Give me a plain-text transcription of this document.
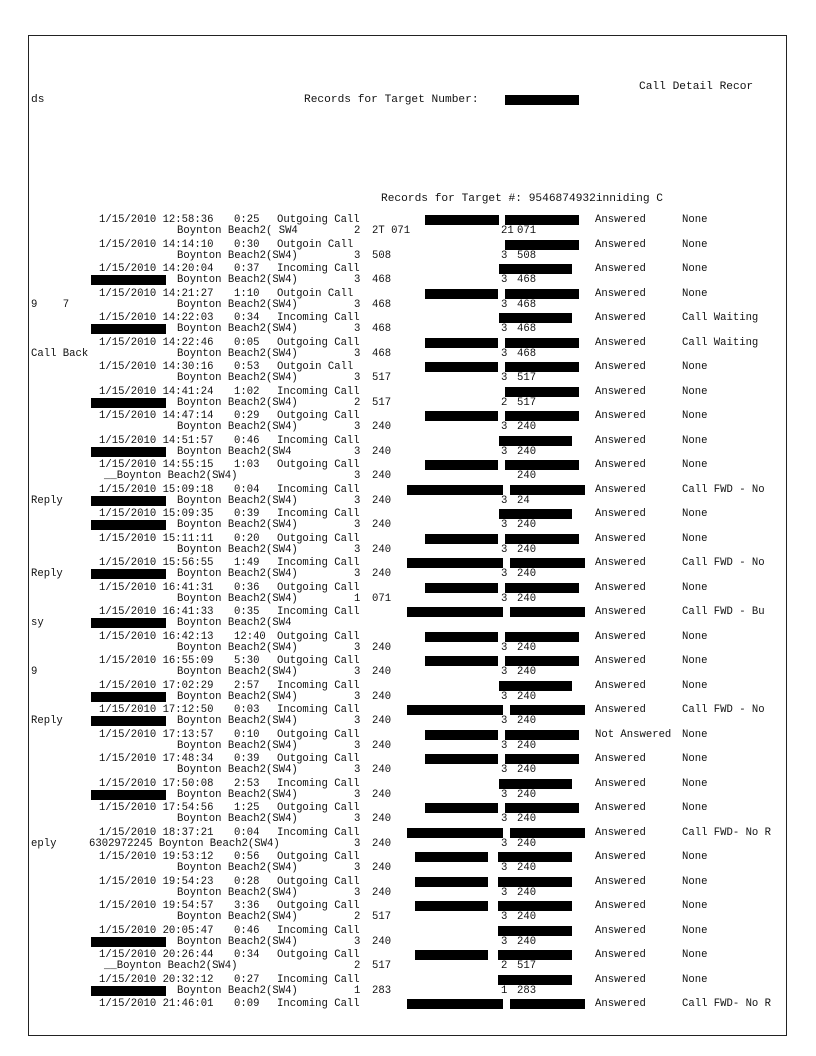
Call Detail Recor
ds	Records for Target Number:
Records for Target #: 9546874932inniding C
1/15/2010 12:58:36 0:25 Outgoing Call	Answered	None
Boynton Beach2( SW4	2 2T 071	21 071
1/15/2010 14:14:10 0:30 Outgoin Call	Answered	None
Boynton Beach2(SW4)	3 508	3 508
1/15/2010 14:20:04 0:37 Incoming Call	Answered	None
Boynton Beach2(SW4)	3 468	3 468
1/15/2010 14:21:27 1:10 Outgoin Call	Answered	None
9    7	Boynton Beach2(SW4)	3 468	3 468
1/15/2010 14:22:03 0:34 Incoming Call	Answered	Call Waiting
Boynton Beach2(SW4)	3 468	3 468
1/15/2010 14:22:46 0:05 Outgoing Call	Answered	Call Waiting
Call Back	Boynton Beach2(SW4)	3 468	3 468
1/15/2010 14:30:16 0:53 Outgoin Call	Answered	None
Boynton Beach2(SW4)	3 517	3 517
1/15/2010 14:41:24 1:02 Incoming Call	Answered	None
Boynton Beach2(SW4)	2 517	2 517
1/15/2010 14:47:14 0:29 Outgoing Call	Answered	None
Boynton Beach2(SW4)	3 240	3 240
1/15/2010 14:51:57 0:46 Incoming Call	Answered	None
Boynton Beach2(SW4	3 240	3 240
1/15/2010 14:55:15 1:03 Outgoing Call	Answered	None
__Boynton Beach2(SW4)	3 240	240
1/15/2010 15:09:18 0:04 Incoming Call	Answered	Call FWD - No
Reply	Boynton Beach2(SW4)	3 240	3 24
1/15/2010 15:09:35 0:39 Incoming Call	Answered	None
Boynton Beach2(SW4)	3 240	3 240
1/15/2010 15:11:11 0:20 Outgoing Call	Answered	None
Boynton Beach2(SW4)	3 240	3 240
1/15/2010 15:56:55 1:49 Incoming Call	Answered	Call FWD - No
Reply	Boynton Beach2(SW4)	3 240	3 240
1/15/2010 16:41:31 0:36 Outgoing Call	Answered	None
Boynton Beach2(SW4)	1 071	3 240
1/15/2010 16:41:33 0:35 Incoming Call	Answered	Call FWD - Bu
sy	Boynton Beach2(SW4
1/15/2010 16:42:13 12:40 Outgoing Call	Answered	None
Boynton Beach2(SW4)	3 240	3 240
1/15/2010 16:55:09 5:30 Outgoing Call	Answered	None
9	Boynton Beach2(SW4)	3 240	3 240
1/15/2010 17:02:29 2:57 Incoming Call	Answered	None
Boynton Beach2(SW4)	3 240	3 240
1/15/2010 17:12:50 0:03 Incoming Call	Answered	Call FWD - No
Reply	Boynton Beach2(SW4)	3 240	3 240
1/15/2010 17:13:57 0:10 Outgoing Call	Not Answered None
Boynton Beach2(SW4)	3 240	3 240
1/15/2010 17:48:34 0:39 Outgoing Call	Answered	None
Boynton Beach2(SW4)	3 240	3 240
1/15/2010 17:50:08 2:53 Incoming Call	Answered	None
Boynton Beach2(SW4)	3 240	3 240
1/15/2010 17:54:56 1:25 Outgoing Call	Answered	None
Boynton Beach2(SW4)	3 240	3 240
1/15/2010 18:37:21 0:04 Incoming Call	Answered	Call FWD- No R
eply	6302972245 Boynton Beach2(SW4)	3 240	3 240
1/15/2010 19:53:12 0:56 Outgoing Call	Answered	None
Boynton Beach2(SW4)	3 240	3 240
1/15/2010 19:54:23 0:28 Outgoing Call	Answered	None
Boynton Beach2(SW4)	3 240	3 240
1/15/2010 19:54:57 3:36 Outgoing Call	Answered	None
Boynton Beach2(SW4)	2 517	3 240
1/15/2010 20:05:47 0:46 Incoming Call	Answered	None
Boynton Beach2(SW4)	3 240	3 240
1/15/2010 20:26:44 0:34 Outgoing Call	Answered	None
__Boynton Beach2(SW4)	2 517	2 517
1/15/2010 20:32:12 0:27 Incoming Call	Answered	None
Boynton Beach2(SW4)	1 283	1 283
1/15/2010 21:46:01 0:09 Incoming Call	Answered	Call FWD- No R
